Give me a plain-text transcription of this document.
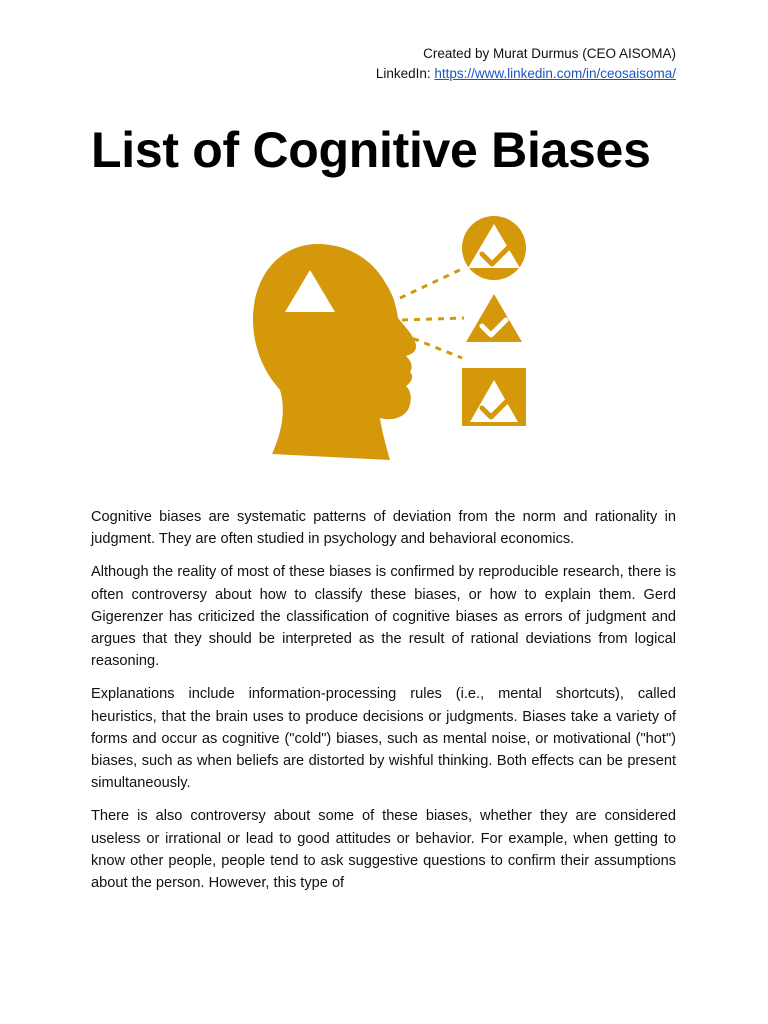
Created by Murat Durmus (CEO AISOMA)
LinkedIn: https://www.linkedin.com/in/ceosaisoma/
List of Cognitive Biases

Cognitive biases are systematic patterns of deviation from the norm and rationality in judgment. They are often studied in psychology and behavioral economics.

Although the reality of most of these biases is confirmed by reproducible research, there is often controversy about how to classify these biases, or how to explain them. Gerd Gigerenzer has criticized the classification of cognitive biases as errors of judgment and argues that they should be interpreted as the result of rational deviations from logical reasoning.

Explanations include information-processing rules (i.e., mental shortcuts), called heuristics, that the brain uses to produce decisions or judgments. Biases take a variety of forms and occur as cognitive ("cold") biases, such as mental noise, or motivational ("hot") biases, such as when beliefs are distorted by wishful thinking. Both effects can be present simultaneously.

There is also controversy about some of these biases, whether they are considered useless or irrational or lead to good attitudes or behavior. For example, when getting to know other people, people tend to ask suggestive questions to confirm their assumptions about the person. However, this type of
